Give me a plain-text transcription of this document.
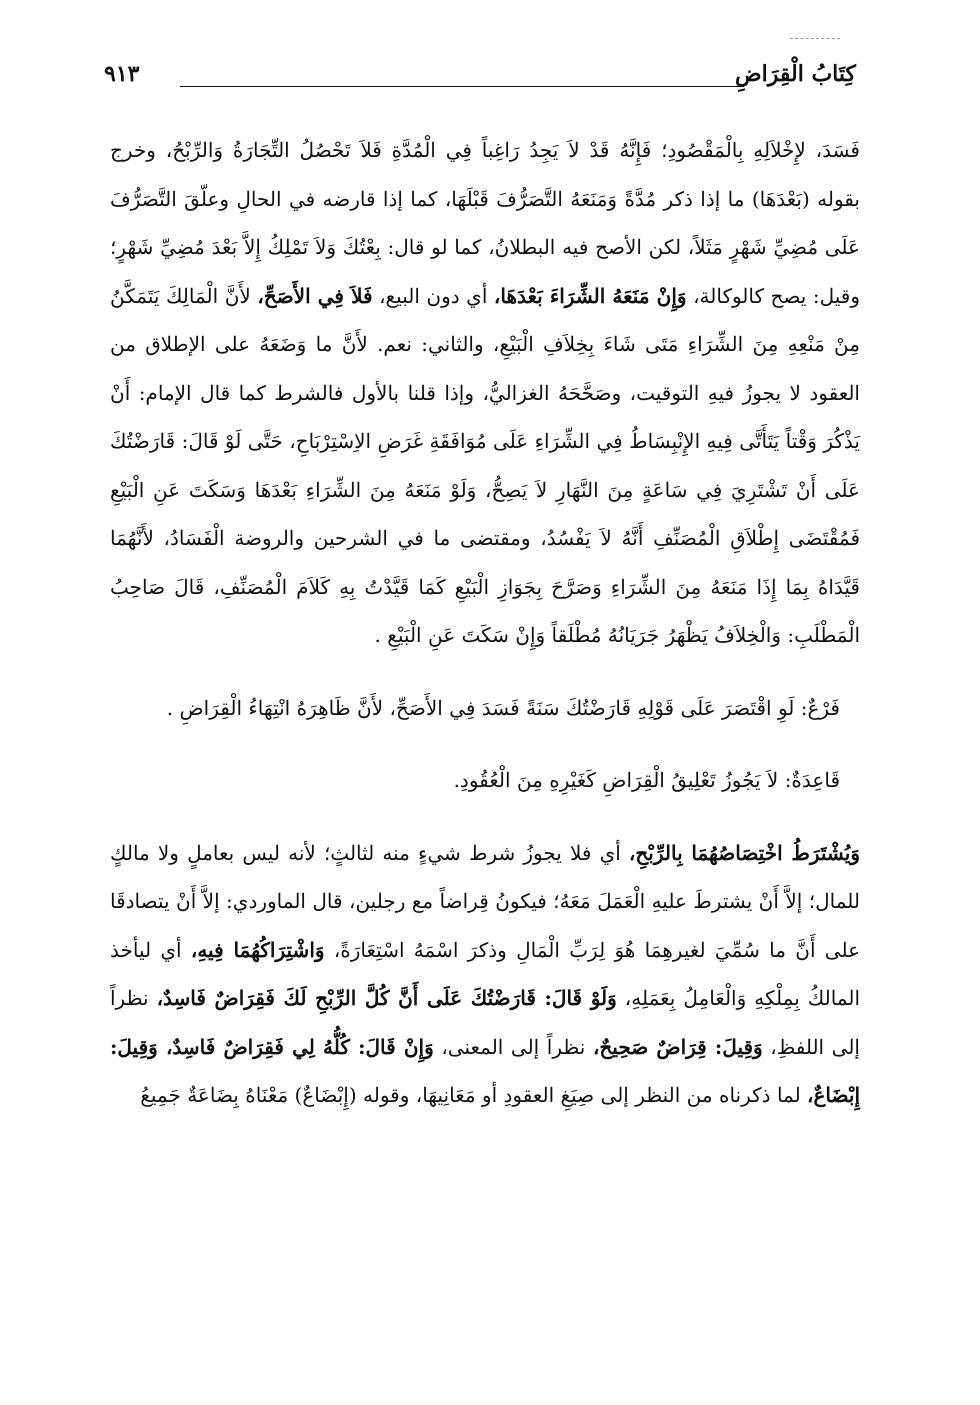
كِتَابُ الْقِرَاضِ
٩١٣

فَسَدَ، لإِخْلاَلِهِ بِالْمَقْصُودِ؛ فَإِنَّهُ قَدْ لاَ يَجِدُ رَاغِباً فِي الْمُدَّةِ فَلاَ تَحْصُلُ التِّجَارَةُ وَالرِّبْحُ، وخرج بقوله (بَعْدَهَا) ما إذا ذكر مُدَّةً وَمَنَعَهُ التَّصَرُّفَ قَبْلَهَا، كما إذا قارضه في الحالِ وعلّقَ التَّصَرُّفَ عَلَى مُضِيِّ شَهْرٍ مَثَلاً، لكن الأصح فيه البطلانُ، كما لو قال: بِعْتُكَ وَلاَ تَمْلِكُ إِلاَّ بَعْدَ مُضِيِّ شَهْرٍ؛ وقيل: يصح كالوكالة، وَإِنْ مَنَعَهُ الشِّرَاءَ بَعْدَهَا، أي دون البيع، فَلاَ فِي الأَصَحِّ، لأَنَّ الْمَالِكَ يَتَمَكَّنُ مِنْ مَنْعِهِ مِنَ الشِّرَاءِ مَتَى شَاءَ بِخِلاَفِ الْبَيْعِ، والثاني: نعم. لأَنَّ ما وَضَعَهُ على الإطلاق من العقود لا يجوزُ فيهِ التوقيت، وصَحَّحَهُ الغزاليُّ، وإذا قلنا بالأول فالشرط كما قال الإمام: أَنْ يَذْكُرَ وَقْتاً يَتَأَتَّى فِيهِ الإِنْبِسَاطُ فِي الشِّرَاءِ عَلَى مُوَافَقَةِ غَرَضِ الاِسْتِرْبَاحِ، حَتَّى لَوْ قَالَ: قَارَضْتُكَ عَلَى أَنْ تَشْتَرِيَ فِي سَاعَةٍ مِنَ النَّهَارِ لاَ يَصِحُّ، وَلَوْ مَنَعَهُ مِنَ الشِّرَاءِ بَعْدَهَا وَسَكَتَ عَنِ الْبَيْعِ فَمُقْتَضَى إِطْلاَقِ الْمُصَنِّفِ أَنَّهُ لاَ يَفْسُدُ، ومقتضى ما في الشرحين والروضة الْفَسَادُ، لأَنَّهُمَا قَيَّدَاهُ بِمَا إِذَا مَنَعَهُ مِنَ الشِّرَاءِ وَصَرَّحَ بِجَوَازِ الْبَيْعِ كَمَا قَيَّدْتُ بِهِ كَلاَمَ الْمُصَنِّفِ، قَالَ صَاحِبُ الْمَطْلَبِ: وَالْخِلاَفُ يَظْهَرُ جَرَيَانُهُ مُطْلَقاً وَإِنْ سَكَتَ عَنِ الْبَيْعِ .

فَرْعٌ: لَوِ اقْتَصَرَ عَلَى قَوْلِهِ قَارَضْتُكَ سَنَةً فَسَدَ فِي الأَصَحِّ، لأَنَّ ظَاهِرَهُ انْتِهَاءُ الْقِرَاضِ .

قَاعِدَةٌ: لاَ يَجُوزُ تَعْلِيقُ الْقِرَاضِ كَغَيْرِهِ مِنَ الْعُقُودِ.

وَيُشْتَرَطُ اخْتِصَاصُهُمَا بِالرِّبْحِ، أي فلا يجوزُ شرط شيءٍ منه لثالثٍ؛ لأنه ليس بعاملٍ ولا مالكٍ للمال؛ إلاَّ أَنْ يشترطَ عليهِ الْعَمَلَ مَعَهُ؛ فيكونُ قِراضاً مع رجلين، قال الماوردي: إلاَّ أَنْ يتصادقَا على أَنَّ ما سُمِّيَ لغيرهِمَا هُوَ لِرَبِّ الْمَالِ وذكرَ اسْمَهُ اسْتِعَارَةً، وَاشْتِرَاكُهُمَا فِيهِ، أي ليأخذ المالكُ بِمِلْكِهِ وَالْعَامِلُ بِعَمَلِهِ، وَلَوْ قَالَ: قَارَضْتُكَ عَلَى أَنَّ كُلَّ الرِّبْحِ لَكَ فَقِرَاضٌ فَاسِدٌ، نظراً إلى اللفظِ، وَقِيلَ: قِرَاضٌ صَحِيحٌ، نظراً إلى المعنى، وَإِنْ قَالَ: كُلُّهُ لِي فَقِرَاضٌ فَاسِدٌ، وَقِيلَ: إِبْضَاعٌ، لما ذكرناه من النظر إلى صِيَغِ العقودِ أو مَعَانِيهَا، وقوله (إِبْضَاعٌ) مَعْنَاهُ بِضَاعَةٌ جَمِيعُ
